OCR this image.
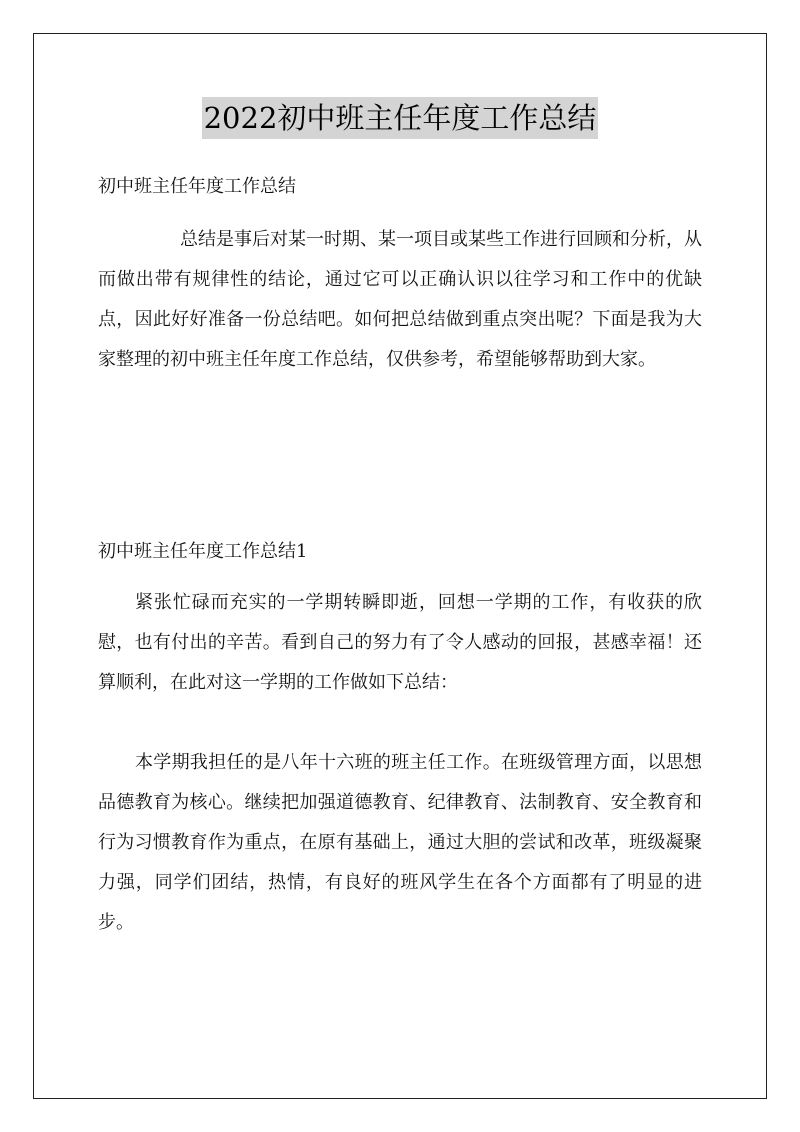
2022初中班主任年度工作总结

初中班主任年度工作总结

总结是事后对某一时期、某一项目或某些工作进行回顾和分析，从而做出带有规律性的结论，通过它可以正确认识以往学习和工作中的优缺点，因此好好准备一份总结吧。如何把总结做到重点突出呢？下面是我为大家整理的初中班主任年度工作总结，仅供参考，希望能够帮助到大家。

初中班主任年度工作总结1

紧张忙碌而充实的一学期转瞬即逝，回想一学期的工作，有收获的欣慰，也有付出的辛苦。看到自己的努力有了令人感动的回报，甚感幸福！还算顺利，在此对这一学期的工作做如下总结：

本学期我担任的是八年十六班的班主任工作。在班级管理方面，以思想品德教育为核心。继续把加强道德教育、纪律教育、法制教育、安全教育和行为习惯教育作为重点，在原有基础上，通过大胆的尝试和改革，班级凝聚力强，同学们团结，热情，有良好的班风学生在各个方面都有了明显的进步。
